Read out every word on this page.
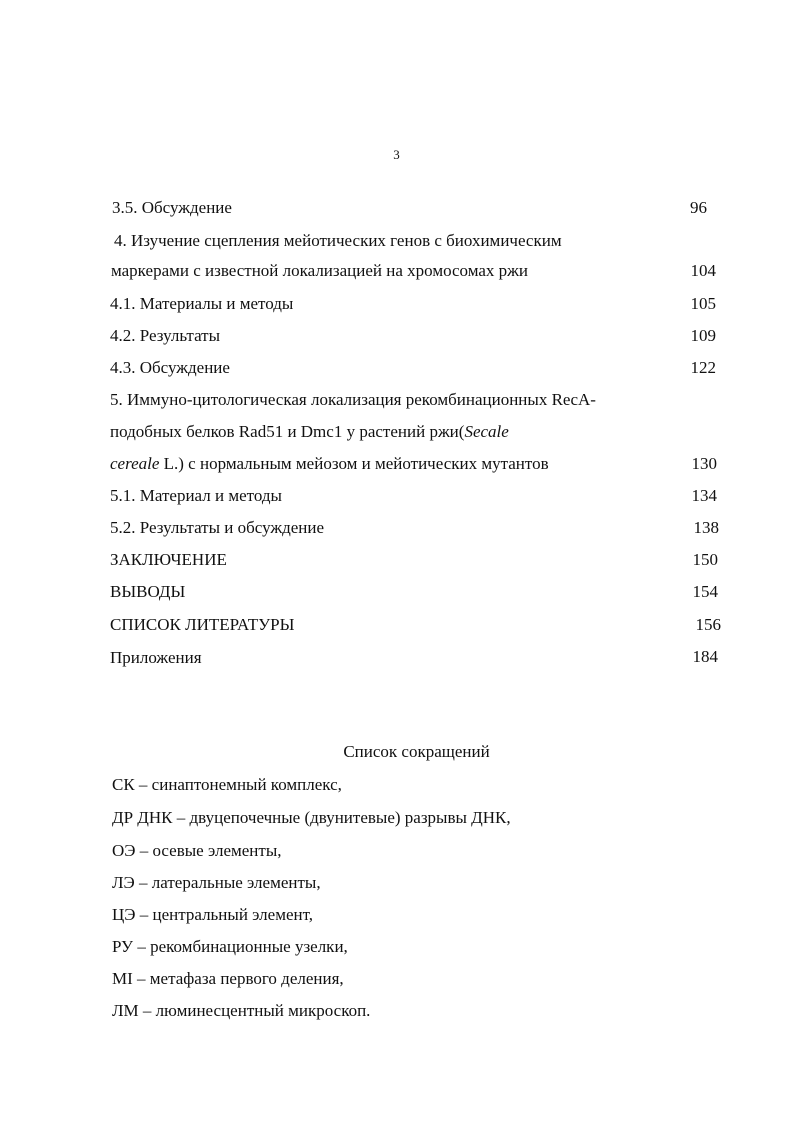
3
3.5. Обсуждение	96
4. Изучение сцепления мейотических генов с биохимическим
маркерами с известной локализацией на хромосомах ржи	104
4.1. Материалы и методы	105
4.2. Результаты	109
4.3. Обсуждение	122
5. Иммуно-цитологическая локализация рекомбинационных RecA-
подобных белков Rad51 и Dmc1 у растений ржи(Secale
cereale L.) с нормальным мейозом и мейотических мутантов	130
5.1. Материал и методы	134
5.2. Результаты и обсуждение	138
ЗАКЛЮЧЕНИЕ	150
ВЫВОДЫ	154
СПИСОК ЛИТЕРАТУРЫ	156
Приложения	184
Список сокращений
СК – синаптонемный комплекс,
ДР ДНК – двуцепочечные (двунитевые) разрывы ДНК,
ОЭ – осевые элементы,
ЛЭ – латеральные элементы,
ЦЭ – центральный элемент,
РУ – рекомбинационные узелки,
MI – метафаза первого деления,
ЛМ – люминесцентный микроскоп.
